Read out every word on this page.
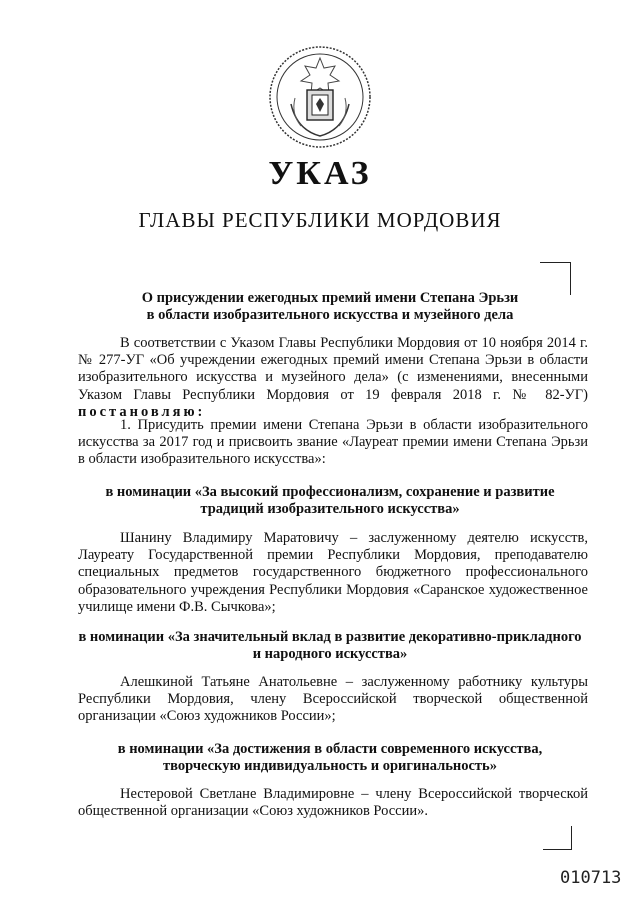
УКАЗ
ГЛАВЫ РЕСПУБЛИКИ МОРДОВИЯ
О присуждении ежегодных премий имени Степана Эрьзи
в области изобразительного искусства и музейного дела
В соответствии с Указом Главы Республики Мордовия от 10 ноября 2014 г. № 277-УГ «Об учреждении ежегодных премий имени Степана Эрьзи в области изобразительного искусства и музейного дела» (с изменениями, внесенными Указом Главы Республики Мордовия от 19 февраля 2018 г. № 82-УГ) постановляю:
1. Присудить премии имени Степана Эрьзи в области изобразительного искусства за 2017 год и присвоить звание «Лауреат премии имени Степана Эрьзи в области изобразительного искусства»:
в номинации «За высокий профессионализм, сохранение и развитие
традиций изобразительного искусства»
Шанину Владимиру Маратовичу – заслуженному деятелю искусств, Лауреату Государственной премии Республики Мордовия, преподавателю специальных предметов государственного бюджетного профессионального образовательного учреждения Республики Мордовия «Саранское художественное училище имени Ф.В. Сычкова»;
в номинации «За значительный вклад в развитие декоративно-прикладного
и народного искусства»
Алешкиной Татьяне Анатольевне – заслуженному работнику культуры Республики Мордовия, члену Всероссийской творческой общественной организации «Союз художников России»;
в номинации «За достижения в области современного искусства,
творческую индивидуальность и оригинальность»
Нестеровой Светлане Владимировне – члену Всероссийской творческой общественной организации «Союз художников России».
010713
